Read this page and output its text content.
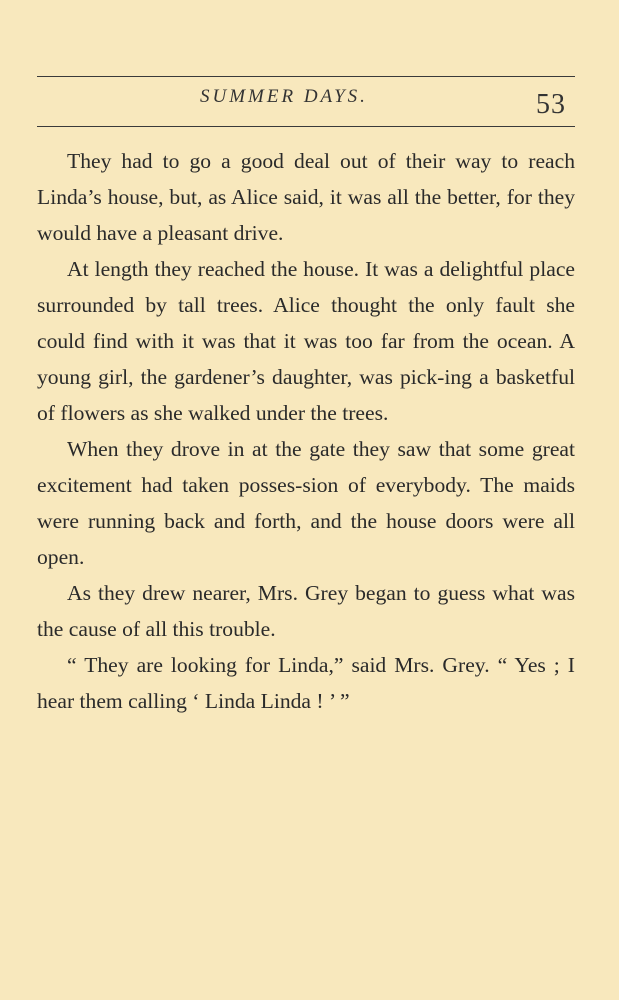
SUMMER DAYS.	53

They had to go a good deal out of their way to reach Linda’s house, but, as Alice said, it was all the better, for they would have a pleasant drive.

At length they reached the house. It was a delightful place surrounded by tall trees. Alice thought the only fault she could find with it was that it was too far from the ocean. A young girl, the gardener’s daughter, was pick-ing a basketful of flowers as she walked under the trees.

When they drove in at the gate they saw that some great excitement had taken posses-sion of everybody. The maids were running back and forth, and the house doors were all open.

As they drew nearer, Mrs. Grey began to guess what was the cause of all this trouble.

“ They are looking for Linda,” said Mrs. Grey. “ Yes ; I hear them calling ‘ Linda Linda ! ’ ”
